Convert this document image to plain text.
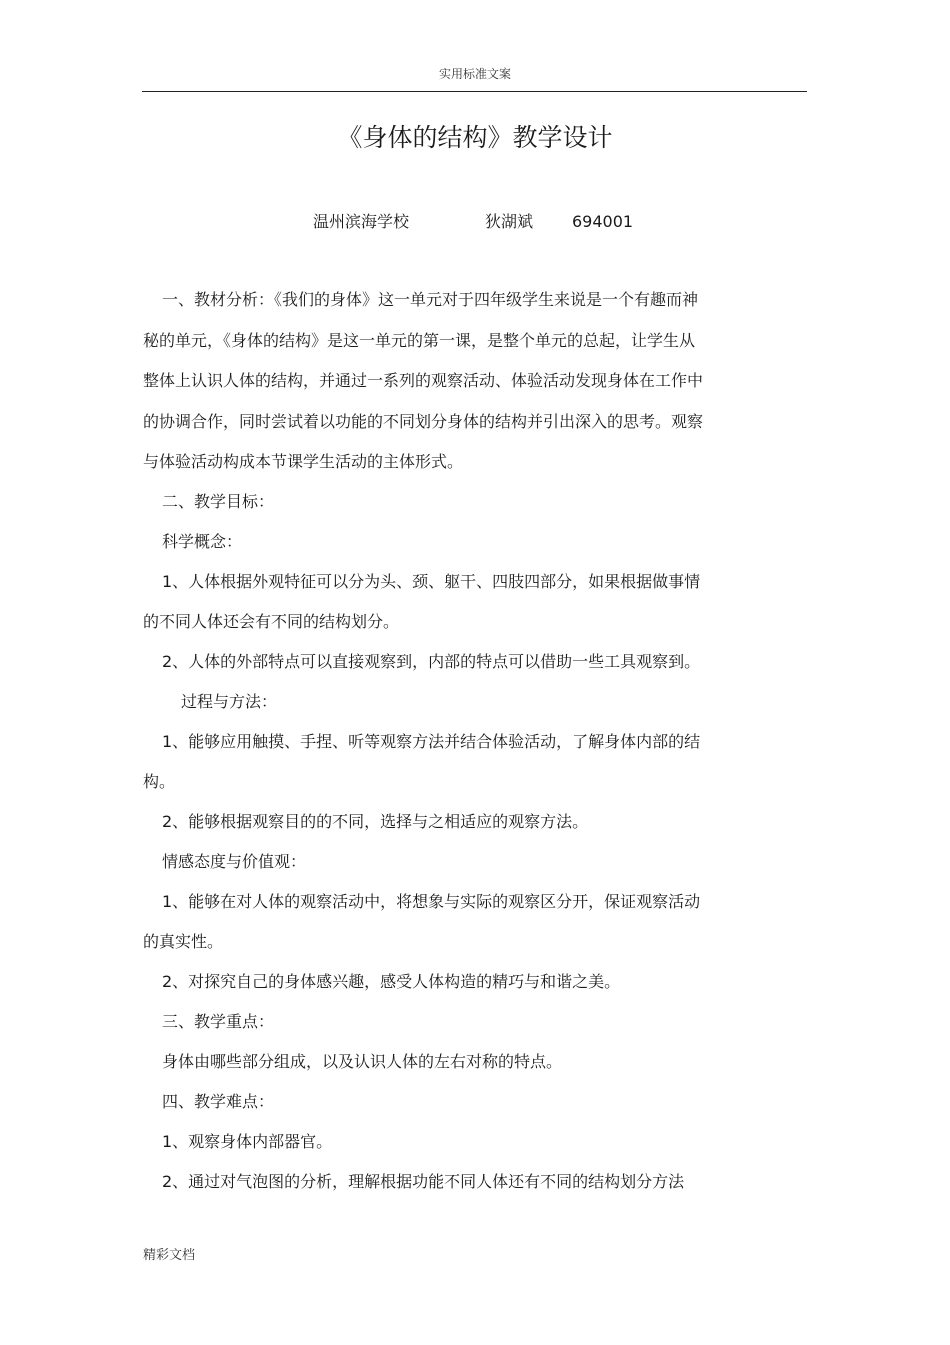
实用标准文案
《身体的结构》教学设计
温州滨海学校	狄湖斌 694001
一、教材分析：《我们的身体》这一单元对于四年级学生来说是一个有趣而神
秘的单元，《身体的结构》是这一单元的第一课，是整个单元的总起，让学生从
整体上认识人体的结构，并通过一系列的观察活动、体验活动发现身体在工作中
的协调合作，同时尝试着以功能的不同划分身体的结构并引出深入的思考。观察
与体验活动构成本节课学生活动的主体形式。
二、教学目标：
科学概念：
1、人体根据外观特征可以分为头、颈、躯干、四肢四部分，如果根据做事情
的不同人体还会有不同的结构划分。
2、人体的外部特点可以直接观察到，内部的特点可以借助一些工具观察到。
过程与方法：
1、能够应用触摸、手捏、听等观察方法并结合体验活动，了解身体内部的结
构。
2、能够根据观察目的的不同，选择与之相适应的观察方法。
情感态度与价值观：
1、能够在对人体的观察活动中，将想象与实际的观察区分开，保证观察活动
的真实性。
2、对探究自己的身体感兴趣，感受人体构造的精巧与和谐之美。
三、教学重点：
身体由哪些部分组成，以及认识人体的左右对称的特点。
四、教学难点：
1、观察身体内部器官。
2、通过对气泡图的分析，理解根据功能不同人体还有不同的结构划分方法
精彩文档
